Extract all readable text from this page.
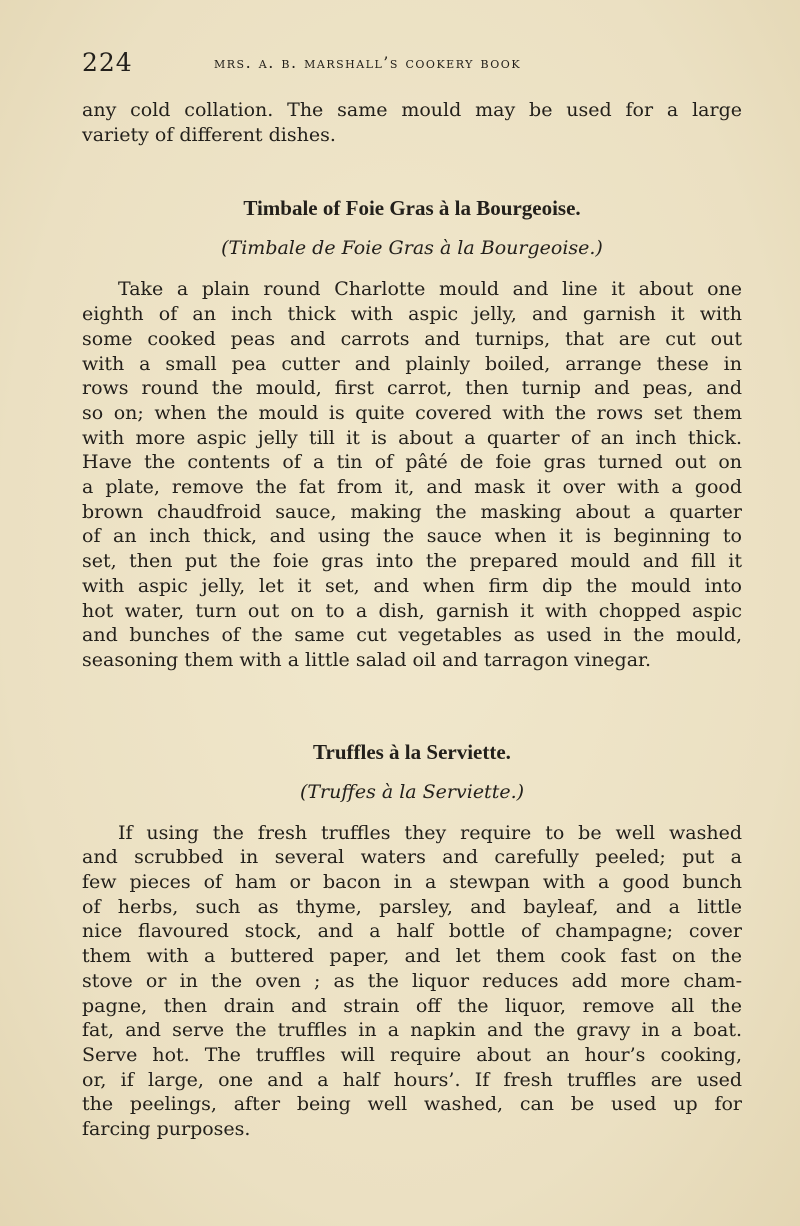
224	mrs. a. b. marshall’s cookery book

any cold collation. The same mould may be used for a large
variety of different dishes.

Timbale of Foie Gras à la Bourgeoise.

(Timbale de Foie Gras à la Bourgeoise.)

Take a plain round Charlotte mould and line it about one
eighth of an inch thick with aspic jelly, and garnish it with
some cooked peas and carrots and turnips, that are cut out
with a small pea cutter and plainly boiled, arrange these in
rows round the mould, first carrot, then turnip and peas, and
so on; when the mould is quite covered with the rows set them
with more aspic jelly till it is about a quarter of an inch thick.
Have the contents of a tin of pâté de foie gras turned out on
a plate, remove the fat from it, and mask it over with a good
brown chaudfroid sauce, making the masking about a quarter
of an inch thick, and using the sauce when it is beginning to
set, then put the foie gras into the prepared mould and fill it
with aspic jelly, let it set, and when firm dip the mould into
hot water, turn out on to a dish, garnish it with chopped aspic
and bunches of the same cut vegetables as used in the mould,
seasoning them with a little salad oil and tarragon vinegar.

Truffles à la Serviette.

(Truffes à la Serviette.)

If using the fresh truffles they require to be well washed
and scrubbed in several waters and carefully peeled; put a
few pieces of ham or bacon in a stewpan with a good bunch
of herbs, such as thyme, parsley, and bayleaf, and a little
nice flavoured stock, and a half bottle of champagne; cover
them with a buttered paper, and let them cook fast on the
stove or in the oven ; as the liquor reduces add more cham-
pagne, then drain and strain off the liquor, remove all the
fat, and serve the truffles in a napkin and the gravy in a boat.
Serve hot. The truffles will require about an hour’s cooking,
or, if large, one and a half hours’. If fresh truffles are used
the peelings, after being well washed, can be used up for
farcing purposes.
